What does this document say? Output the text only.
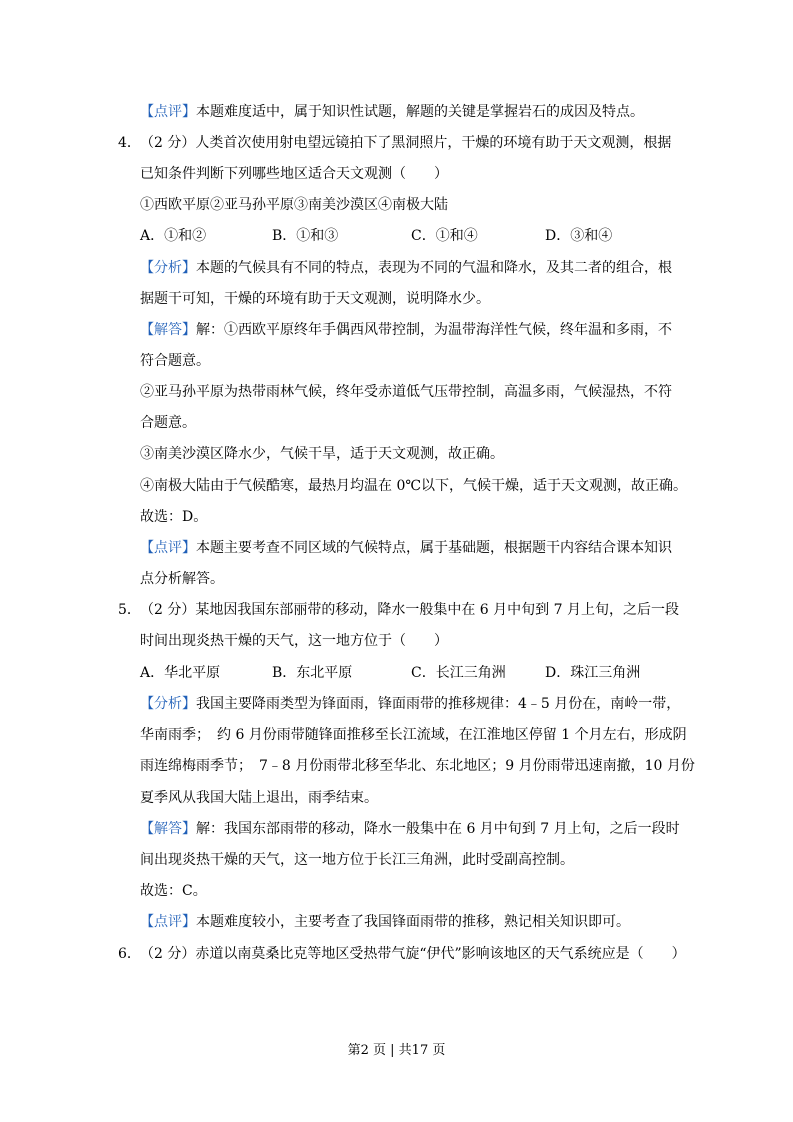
【点评】本题难度适中，属于知识性试题，解题的关键是掌握岩石的成因及特点。
4． （2 分）人类首次使用射电望远镜拍下了黑洞照片，干燥的环境有助于天文观测，根据
已知条件判断下列哪些地区适合天文观测（　　）
①西欧平原②亚马孙平原③南美沙漠区④南极大陆
A．①和②	B．①和③	C．①和④	D．③和④
【分析】本题的气候具有不同的特点，表现为不同的气温和降水，及其二者的组合，根
据题干可知，干燥的环境有助于天文观测，说明降水少。
【解答】解：①西欧平原终年手偶西风带控制，为温带海洋性气候，终年温和多雨，不
符合题意。
②亚马孙平原为热带雨林气候，终年受赤道低气压带控制，高温多雨，气候湿热，不符
合题意。
③南美沙漠区降水少，气候干旱，适于天文观测，故正确。
④南极大陆由于气候酷寒，最热月均温在 0℃以下，气候干燥，适于天文观测，故正确。
故选：D。
【点评】本题主要考查不同区域的气候特点，属于基础题，根据题干内容结合课本知识
点分析解答。
5． （2 分）某地因我国东部丽带的移动，降水一般集中在 6 月中旬到 7 月上旬，之后一段
时间出现炎热干燥的天气，这一地方位于（　　）
A．华北平原	B．东北平原	C．长江三角洲	D．珠江三角洲
【分析】我国主要降雨类型为锋面雨，锋面雨带的推移规律：4﹣5 月份在，南岭一带，
华南雨季；　约 6 月份雨带随锋面推移至长江流域，在江淮地区停留 1 个月左右，形成阴
雨连绵梅雨季节；　7﹣8 月份雨带北移至华北、东北地区；9 月份雨带迅速南撤，10 月份
夏季风从我国大陆上退出，雨季结束。
【解答】解：我国东部雨带的移动，降水一般集中在 6 月中旬到 7 月上旬，之后一段时
间出现炎热干燥的天气，这一地方位于长江三角洲，此时受副高控制。
故选：C。
【点评】本题难度较小，主要考查了我国锋面雨带的推移，熟记相关知识即可。
6． （2 分）赤道以南莫桑比克等地区受热带气旋“伊代”影响该地区的天气系统应是（　　）
第2 页 | 共17 页
